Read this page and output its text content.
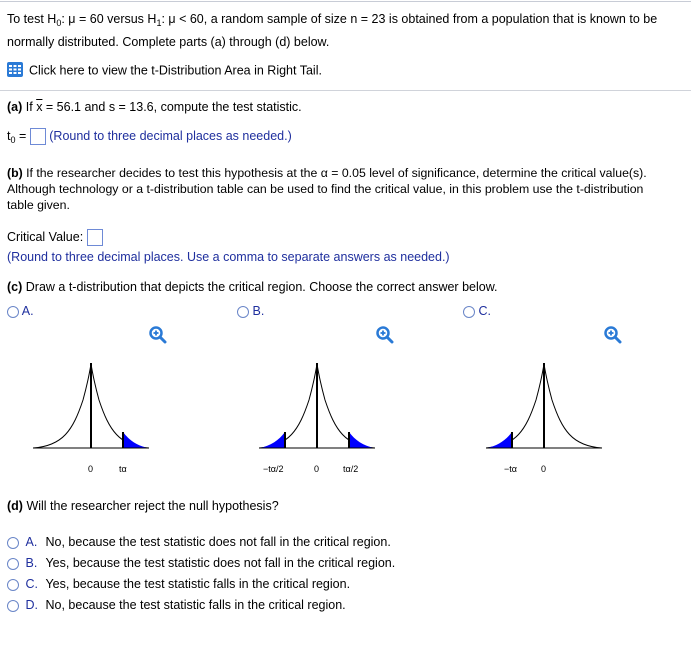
To test $H_0$: μ = 60 versus $H_1$: μ < 60, a random sample of size n = 23 is obtained from a population that is known to be
normally distributed. Complete parts (a) through (d) below.
Click here to view the t-Distribution Area in Right Tail.
(a) If $\overline{x} = 56.1$ and s = 13.6, compute the test statistic.
$t_0$ = (Round to three decimal places as needed.)
(b) If the researcher decides to test this hypothesis at the α = 0.05 level of significance, determine the critical value(s).
Although technology or a t-distribution table can be used to find the critical value, in this problem use the t-distribution
table given.
Critical Value:
(Round to three decimal places. Use a comma to separate answers as needed.)
(c) Draw a t-distribution that depicts the critical region. Choose the correct answer below.
A.	B.	C.
0	tα	−tα/2	0	tα/2	−tα	0
(d) Will the researcher reject the null hypothesis?
A. No, because the test statistic does not fall in the critical region.
B. Yes, because the test statistic does not fall in the critical region.
C. Yes, because the test statistic falls in the critical region.
D. No, because the test statistic falls in the critical region.
